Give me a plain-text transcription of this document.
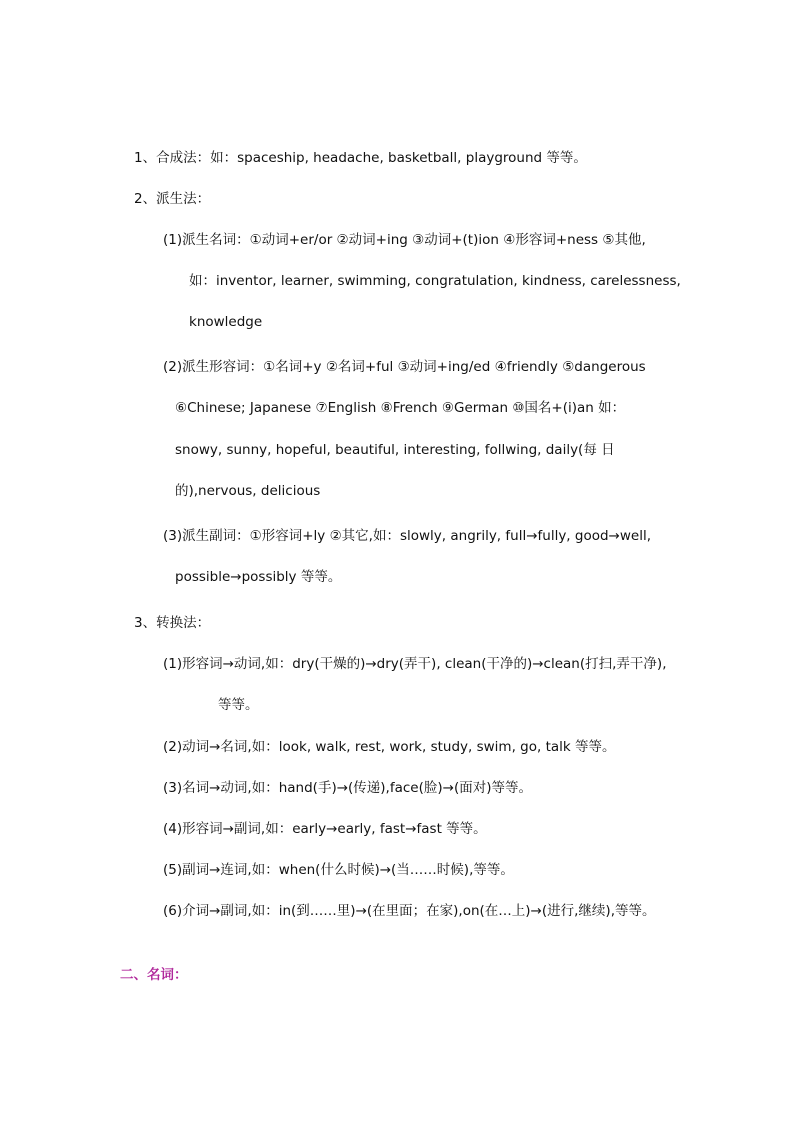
1、合成法：如：spaceship, headache, basketball, playground 等等。
2、派生法：
(1)派生名词：①动词+er/or ②动词+ing ③动词+(t)ion ④形容词+ness ⑤其他,
如：inventor, learner, swimming, congratulation, kindness, carelessness,
knowledge
(2)派生形容词：①名词+y ②名词+ful ③动词+ing/ed ④friendly ⑤dangerous
⑥Chinese; Japanese ⑦English ⑧French ⑨German ⑩国名+(i)an 如：
snowy, sunny, hopeful, beautiful, interesting, follwing, daily(每 日
的),nervous, delicious
(3)派生副词：①形容词+ly ②其它,如：slowly, angrily, full→fully, good→well,
possible→possibly 等等。
3、转换法：
(1)形容词→动词,如：dry(干燥的)→dry(弄干), clean(干净的)→clean(打扫,弄干净),
等等。
(2)动词→名词,如：look, walk, rest, work, study, swim, go, talk 等等。
(3)名词→动词,如：hand(手)→(传递),face(脸)→(面对)等等。
(4)形容词→副词,如：early→early, fast→fast 等等。
(5)副词→连词,如：when(什么时候)→(当……时候),等等。
(6)介词→副词,如：in(到……里)→(在里面；在家),on(在…上)→(进行,继续),等等。
二、名词：
